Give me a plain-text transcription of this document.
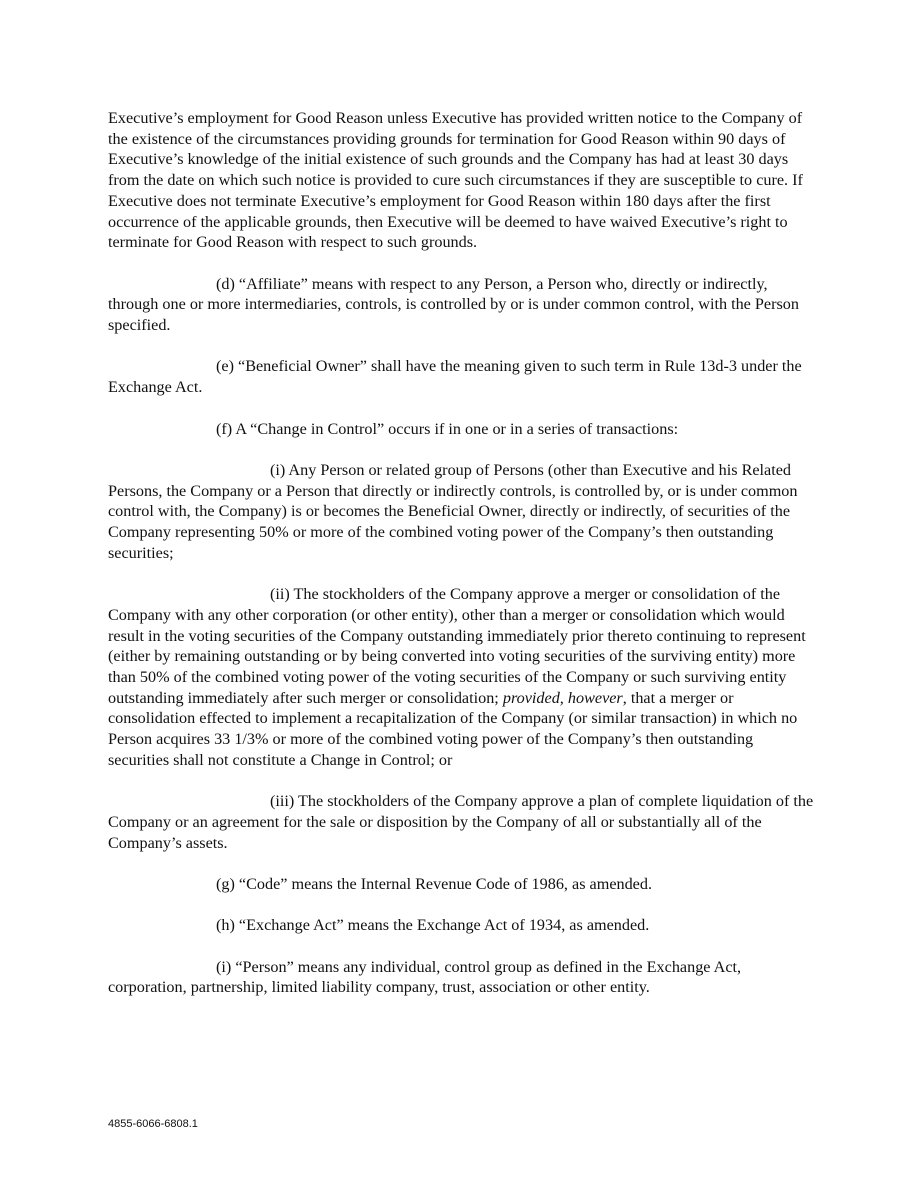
Executive’s employment for Good Reason unless Executive has provided written notice to the Company of the existence of the circumstances providing grounds for termination for Good Reason within 90 days of Executive’s knowledge of the initial existence of such grounds and the Company has had at least 30 days from the date on which such notice is provided to cure such circumstances if they are susceptible to cure. If Executive does not terminate Executive’s employment for Good Reason within 180 days after the first occurrence of the applicable grounds, then Executive will be deemed to have waived Executive’s right to terminate for Good Reason with respect to such grounds.

(d) “Affiliate” means with respect to any Person, a Person who, directly or indirectly, through one or more intermediaries, controls, is controlled by or is under common control, with the Person specified.

(e) “Beneficial Owner” shall have the meaning given to such term in Rule 13d-3 under the Exchange Act.

(f) A “Change in Control” occurs if in one or in a series of transactions:

(i) Any Person or related group of Persons (other than Executive and his Related Persons, the Company or a Person that directly or indirectly controls, is controlled by, or is under common control with, the Company) is or becomes the Beneficial Owner, directly or indirectly, of securities of the Company representing 50% or more of the combined voting power of the Company’s then outstanding securities;

(ii) The stockholders of the Company approve a merger or consolidation of the Company with any other corporation (or other entity), other than a merger or consolidation which would result in the voting securities of the Company outstanding immediately prior thereto continuing to represent (either by remaining outstanding or by being converted into voting securities of the surviving entity) more than 50% of the combined voting power of the voting securities of the Company or such surviving entity outstanding immediately after such merger or consolidation; provided, however, that a merger or consolidation effected to implement a recapitalization of the Company (or similar transaction) in which no Person acquires 33 1/3% or more of the combined voting power of the Company’s then outstanding securities shall not constitute a Change in Control; or

(iii) The stockholders of the Company approve a plan of complete liquidation of the Company or an agreement for the sale or disposition by the Company of all or substantially all of the Company’s assets.

(g) “Code” means the Internal Revenue Code of 1986, as amended.

(h) “Exchange Act” means the Exchange Act of 1934, as amended.

(i) “Person” means any individual, control group as defined in the Exchange Act, corporation, partnership, limited liability company, trust, association or other entity.

4855-6066-6808.1
